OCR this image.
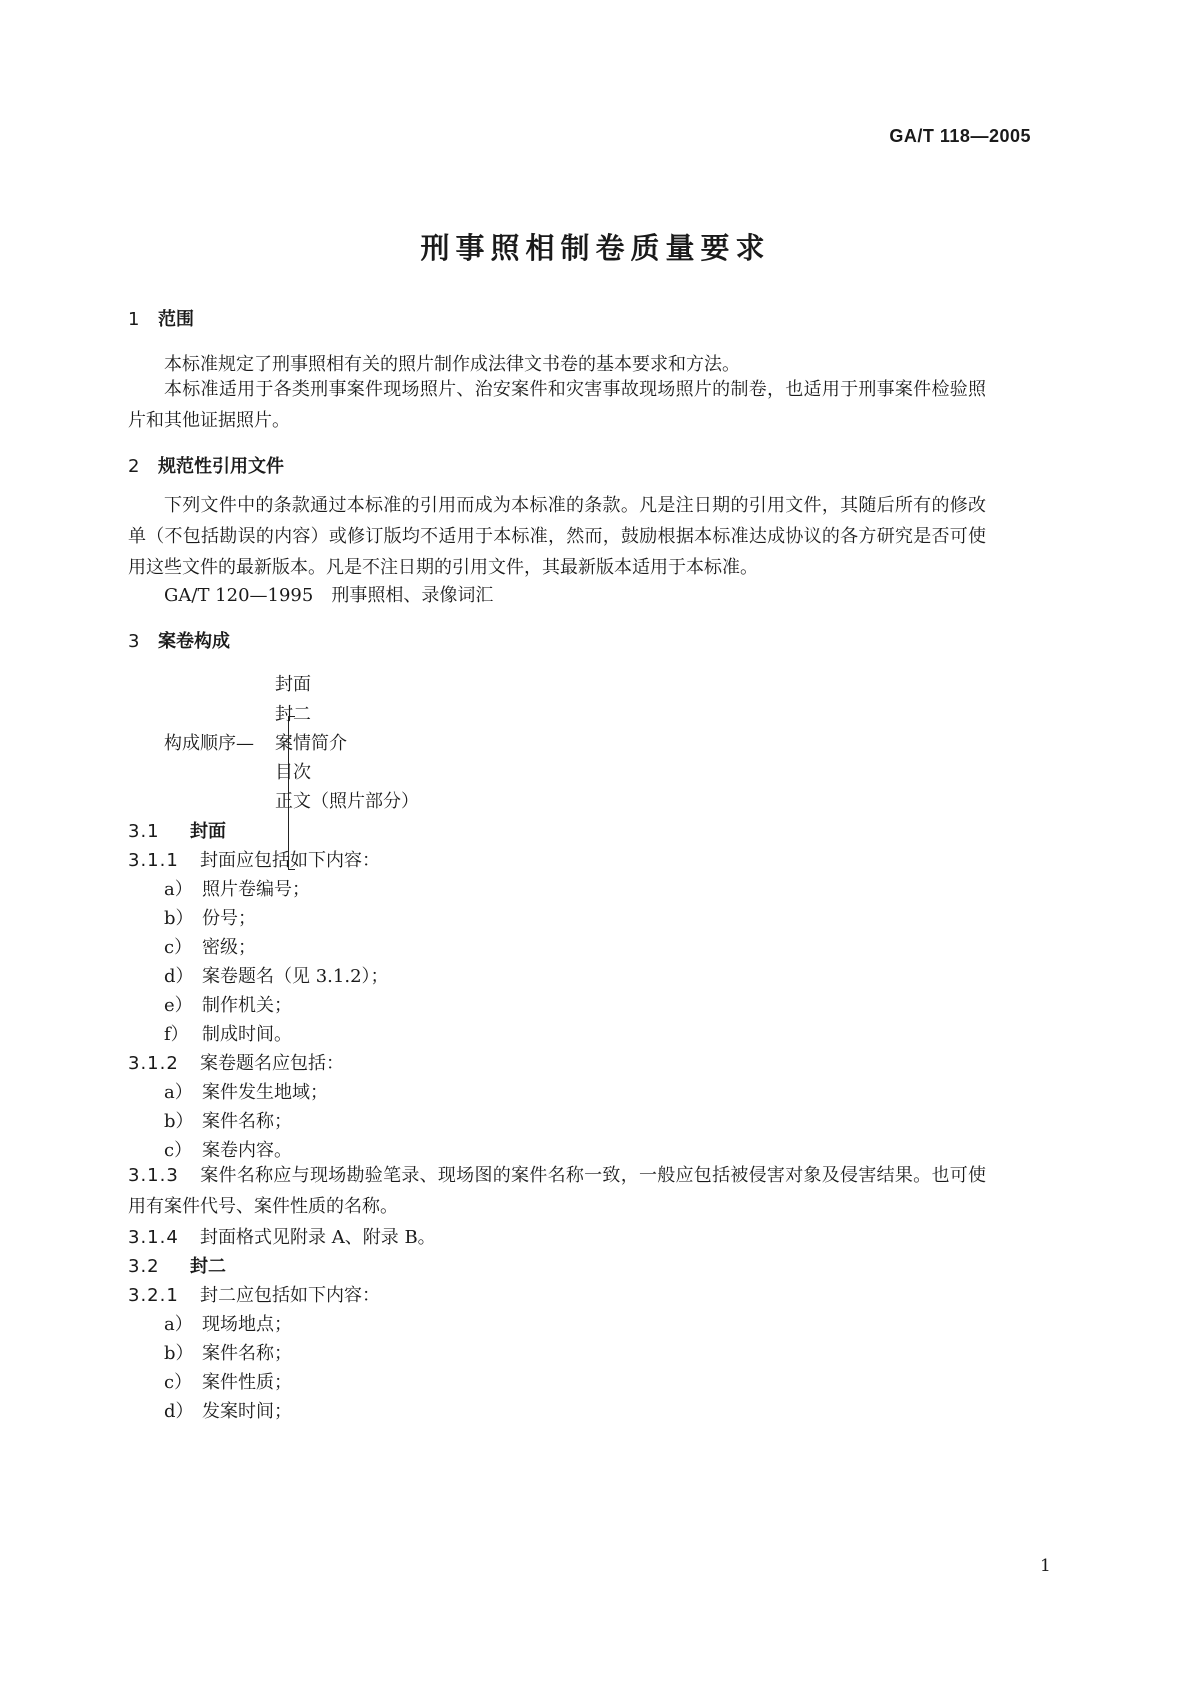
GA/T 118—2005
刑事照相制卷质量要求
1 范围
本标准规定了刑事照相有关的照片制作成法律文书卷的基本要求和方法。
本标准适用于各类刑事案件现场照片、治安案件和灾害事故现场照片的制卷，也适用于刑事案件检验照片和其他证据照片。
2 规范性引用文件
下列文件中的条款通过本标准的引用而成为本标准的条款。凡是注日期的引用文件，其随后所有的修改单（不包括勘误的内容）或修订版均不适用于本标准，然而，鼓励根据本标准达成协议的各方研究是否可使用这些文件的最新版本。凡是不注日期的引用文件，其最新版本适用于本标准。
GA/T 120—1995　刑事照相、录像词汇
3 案卷构成
构成顺序—
封面
封二
案情简介
目次
正文（照片部分）
3.1 封面
3.1.1 封面应包括如下内容：
a） 照片卷编号；
b） 份号；
c） 密级；
d） 案卷题名（见 3.1.2）；
e） 制作机关；
f） 制成时间。
3.1.2 案卷题名应包括：
a） 案件发生地域；
b） 案件名称；
c） 案卷内容。
3.1.3 案件名称应与现场勘验笔录、现场图的案件名称一致，一般应包括被侵害对象及侵害结果。也可使用有案件代号、案件性质的名称。
3.1.4 封面格式见附录 A、附录 B。
3.2 封二
3.2.1 封二应包括如下内容：
a） 现场地点；
b） 案件名称；
c） 案件性质；
d） 发案时间；
1
